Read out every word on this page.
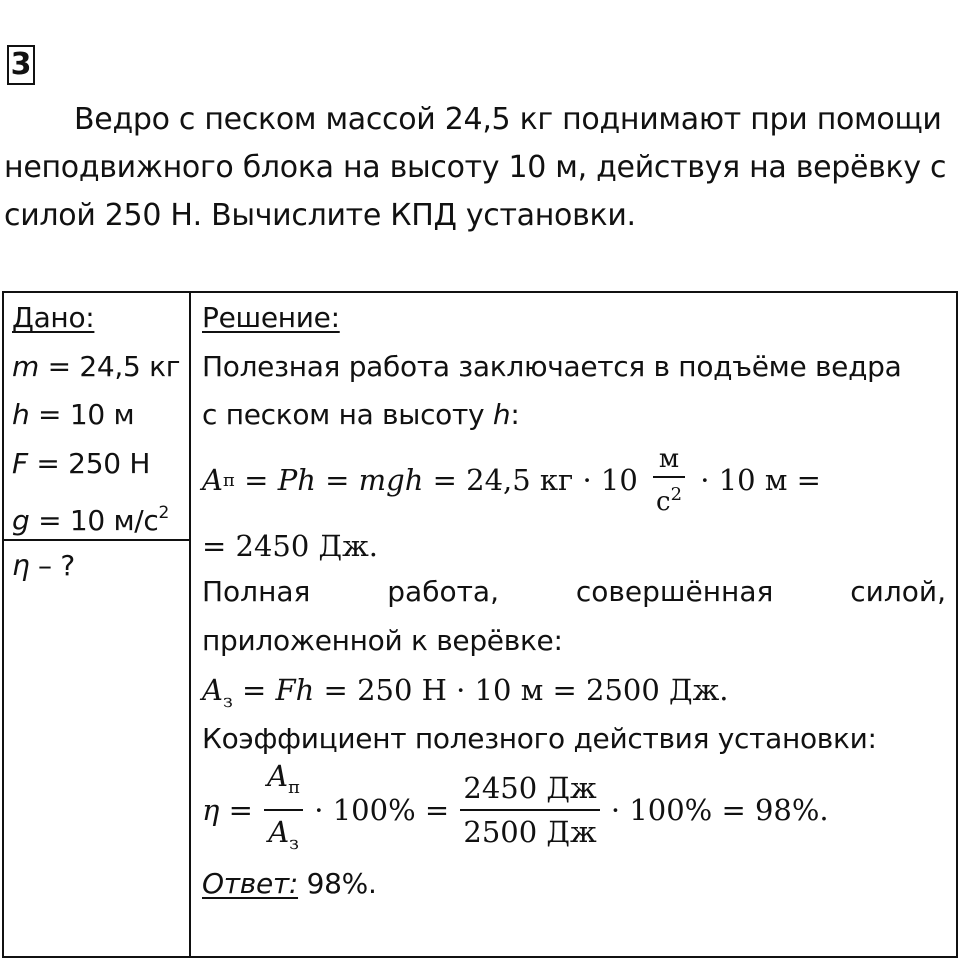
3
Ведро с песком массой 24,5 кг поднимают при помощи
неподвижного блока на высоту 10 м, действуя на верёвку с
силой 250 Н. Вычислите КПД установки.
Дано:
m = 24,5 кг
h = 10 м
F = 250 Н
g = 10 $м/с^2$
η – ?
Решение:
Полезная работа заключается в подъёме ведра
с песком на высоту h:
A п = Ph = mgh = 24,5 кг · $10 \frac{м}{с^2} \cdot 10$ м =
= 2450 Дж.
Полная	работа,	совершённая	силой,
приложенной к верёвке:
$A_з = Fh = 250$ Н · 10 м = 2500 Дж.
Коэффициент полезного действия установки:
$\eta = \frac{A_п}{A_з} \cdot 100\% = \frac{2450 Дж}{2500 Дж} \cdot 100\% = 98\%$.
Ответ: 98%.
